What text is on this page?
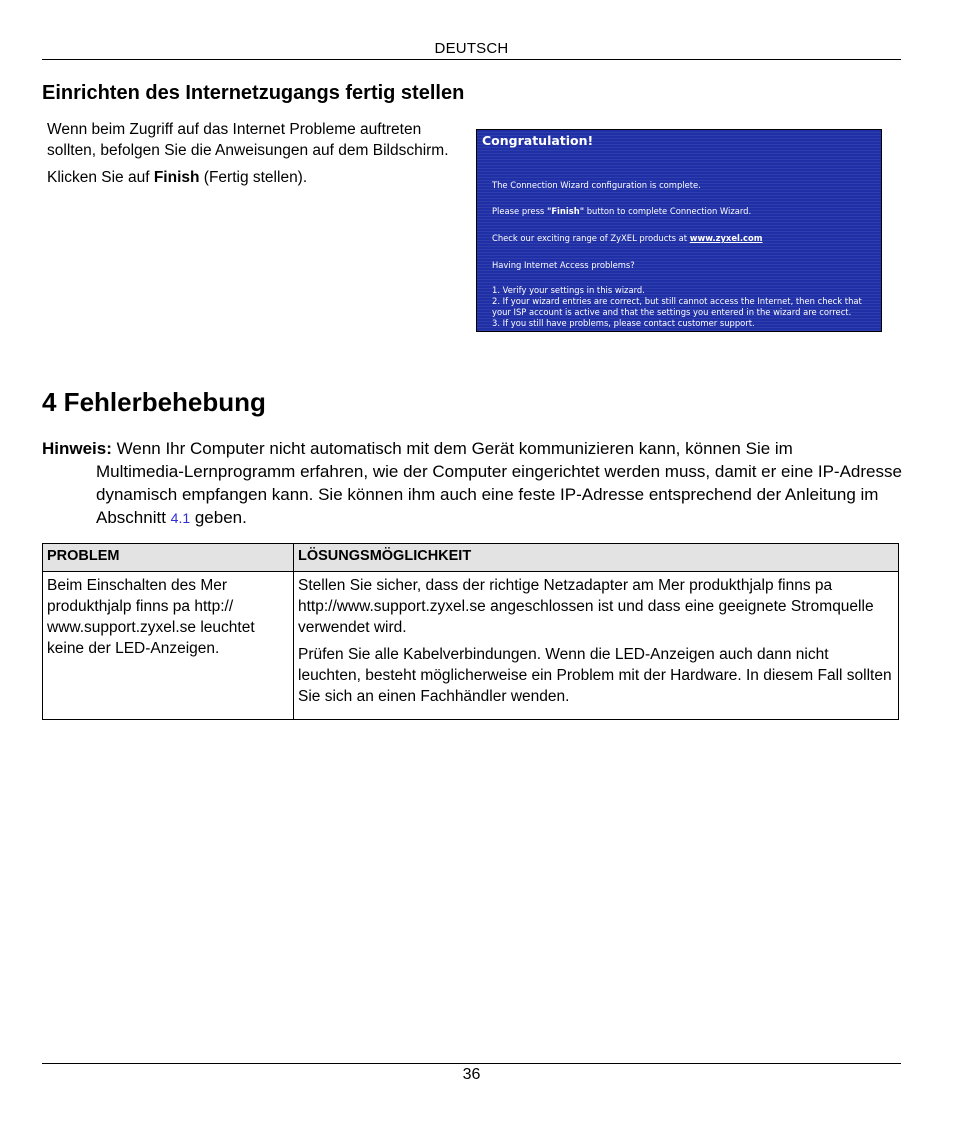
DEUTSCH
Einrichten des Internetzugangs fertig stellen

Wenn beim Zugriff auf das Internet Probleme auftreten sollten, befolgen Sie die Anweisungen auf dem Bildschirm.

Klicken Sie auf Finish (Fertig stellen).

Congratulation!
The Connection Wizard configuration is complete.
Please press "Finish" button to complete Connection Wizard.
Check our exciting range of ZyXEL products at www.zyxel.com
Having Internet Access problems?
1. Verify your settings in this wizard.
2. If your wizard entries are correct, but still cannot access the Internet, then check that
your ISP account is active and that the settings you entered in the wizard are correct.
3. If you still have problems, please contact customer support.
4 Fehlerbehebung
Hinweis: Wenn Ihr Computer nicht automatisch mit dem Gerät kommunizieren kann, können Sie im
Multimedia-Lernprogramm erfahren, wie der Computer eingerichtet werden muss, damit er eine IP-Adresse dynamisch empfangen kann. Sie können ihm auch eine feste IP-Adresse entsprechend der Anleitung im Abschnitt 4.1 geben.
PROBLEM	LÖSUNGSMÖGLICHKEIT
Beim Einschalten des Mer produkthjalp finns pa http:// www.support.zyxel.se leuchtet keine der LED-Anzeigen.	Stellen Sie sicher, dass der richtige Netzadapter am Mer produkthjalp finns pa http://www.support.zyxel.se angeschlossen ist und dass eine geeignete Stromquelle verwendet wird.

Prüfen Sie alle Kabelverbindungen. Wenn die LED-Anzeigen auch dann nicht leuchten, besteht möglicherweise ein Problem mit der Hardware. In diesem Fall sollten Sie sich an einen Fachhändler wenden.

36
